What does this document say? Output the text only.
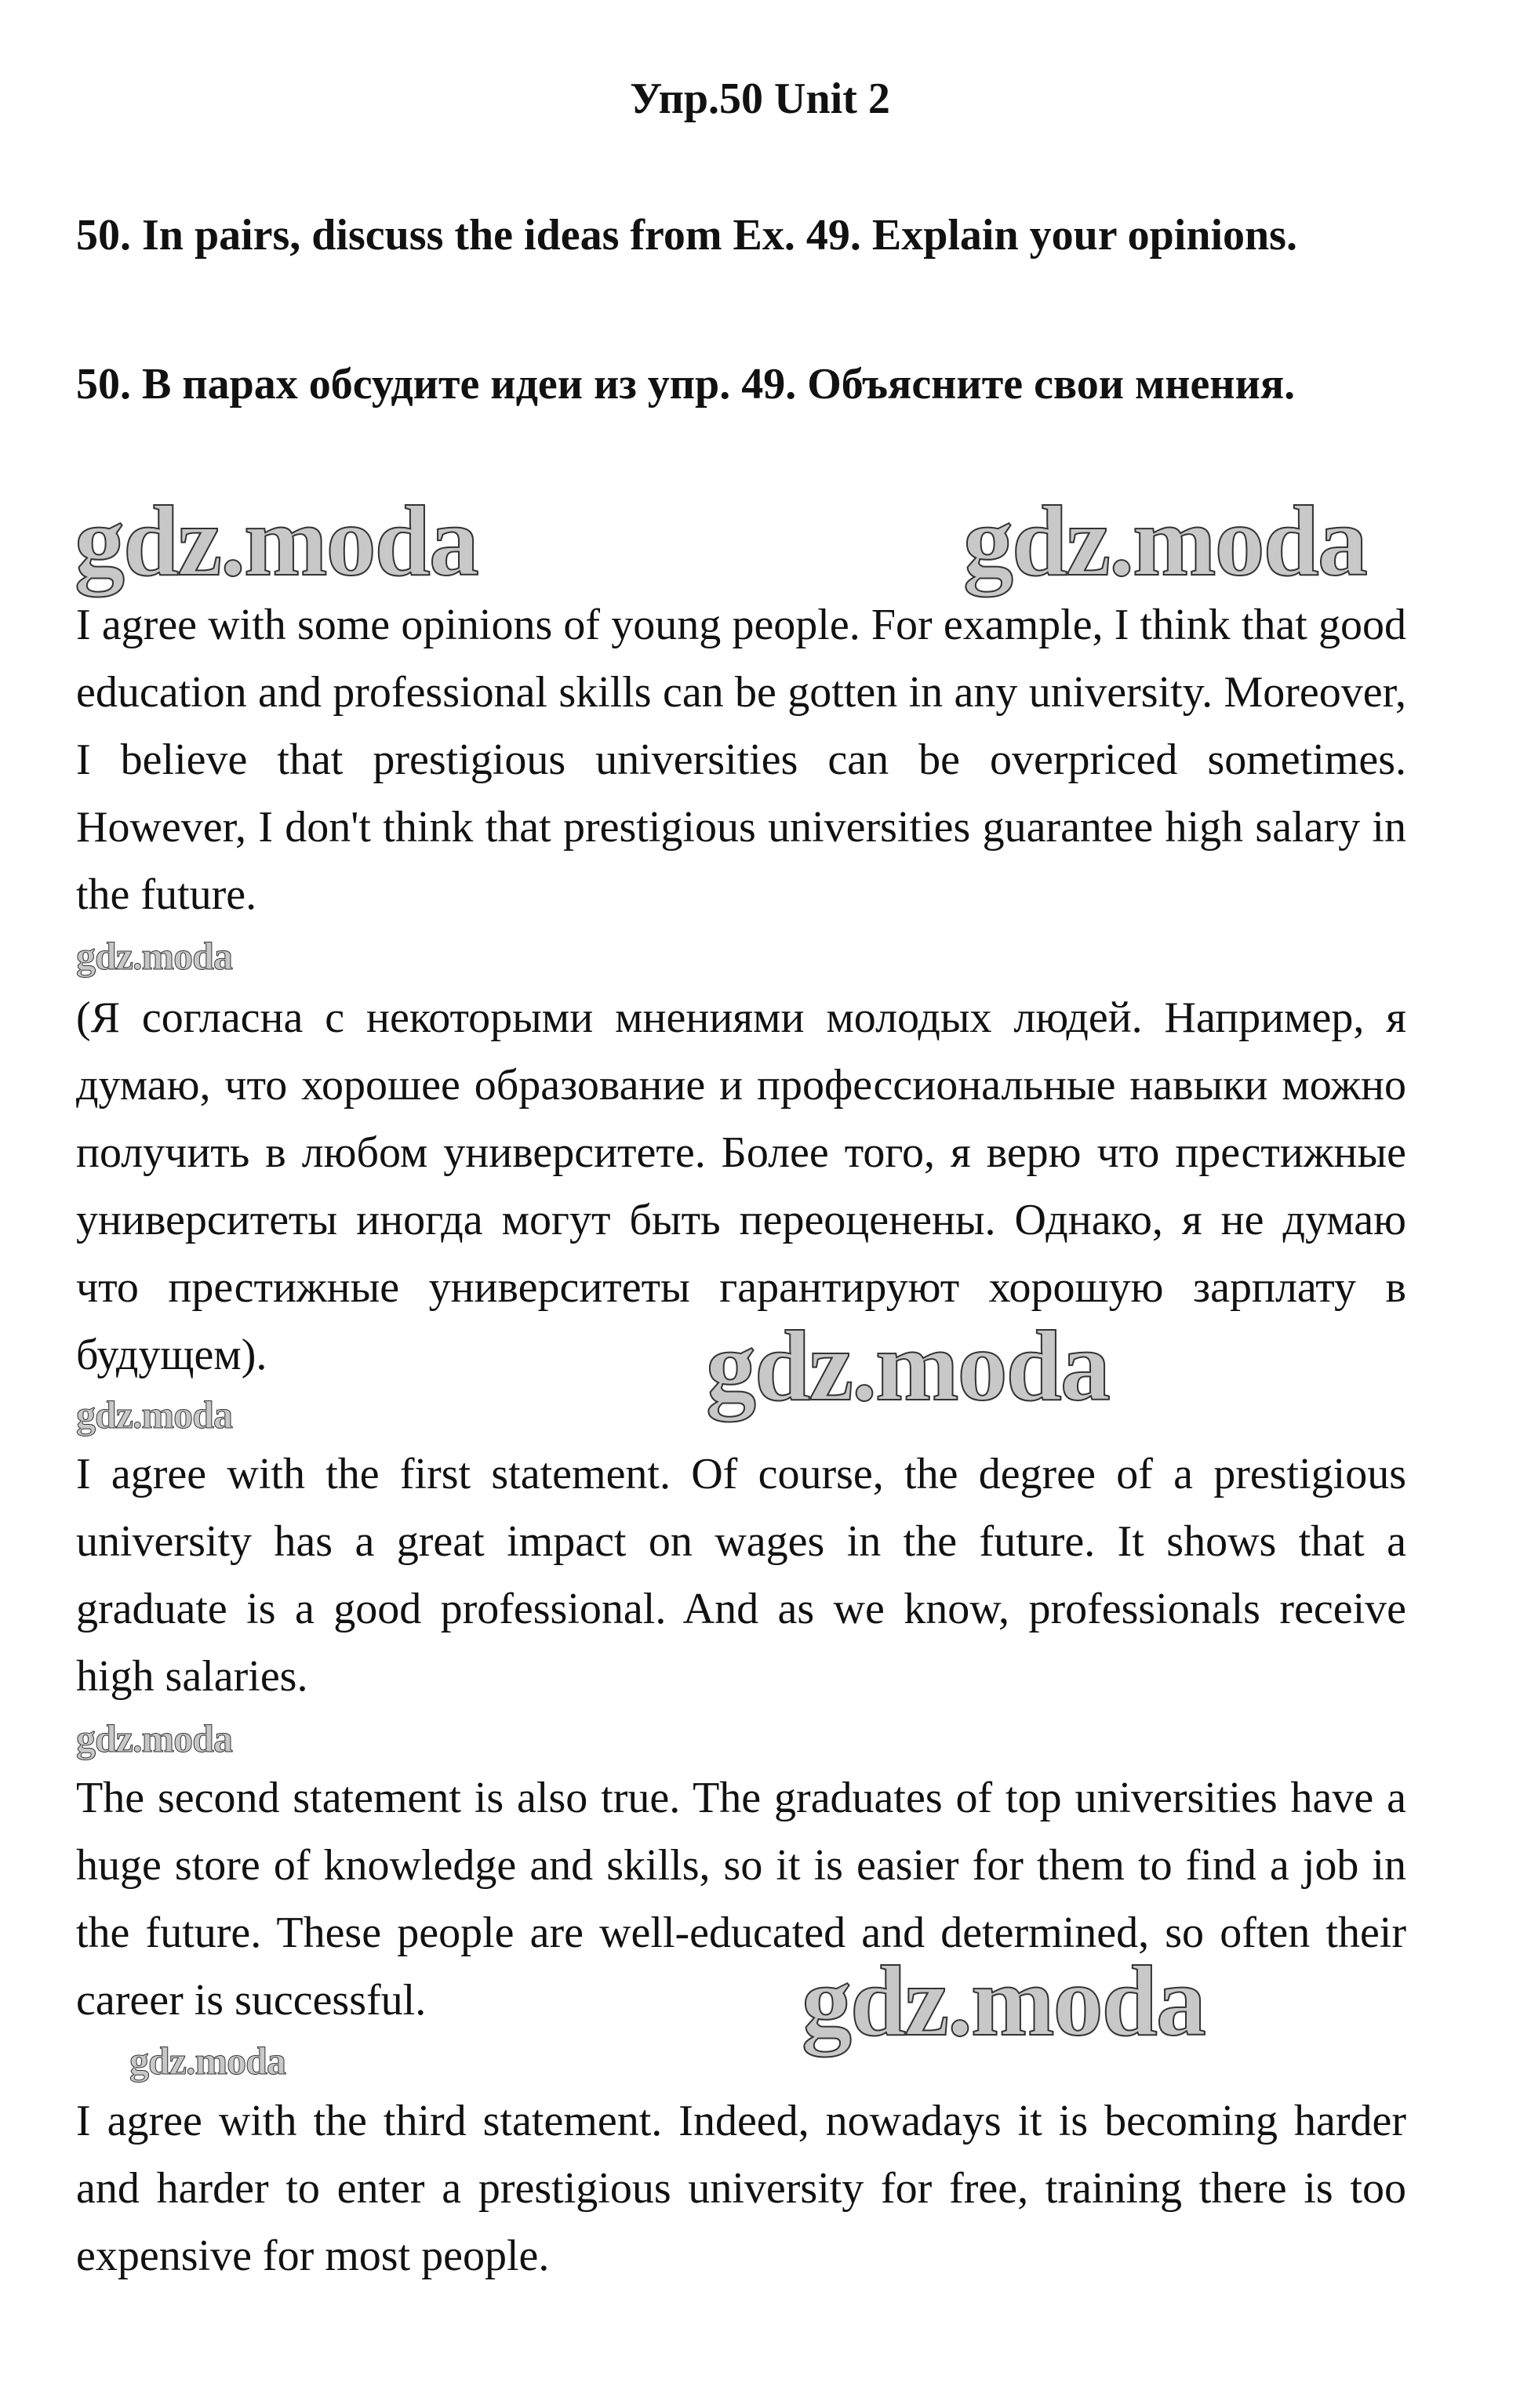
Упр.50 Unit 2

50. In pairs, discuss the ideas from Ex. 49. Explain your opinions.

50. В парах обсудите идеи из упр. 49. Объясните свои мнения.

I agree with some opinions of young people. For example, I think that good education and professional skills can be gotten in any university. Moreover, I believe that prestigious universities can be overpriced sometimes. However, I don't think that prestigious universities guarantee high salary in the future.

(Я согласна с некоторыми мнениями молодых людей. Например, я думаю, что хорошее образование и профессиональные навыки можно получить в любом университете. Более того, я верю что престижные университеты иногда могут быть переоценены. Однако, я не думаю что престижные университеты гарантируют хорошую зарплату в будущем).

I agree with the first statement. Of course, the degree of a prestigious university has a great impact on wages in the future. It shows that a graduate is a good professional. And as we know, professionals receive high salaries.

The second statement is also true. The graduates of top universities have a huge store of knowledge and skills, so it is easier for them to find a job in the future. These people are well-educated and determined, so often their career is successful.

I agree with the third statement. Indeed, nowadays it is becoming harder and harder to enter a prestigious university for free, training there is too expensive for most people.

gdz.moda	gdz.moda
gdz.moda
gdz.moda
gdz.moda
gdz.moda
gdz.moda
gdz.moda
